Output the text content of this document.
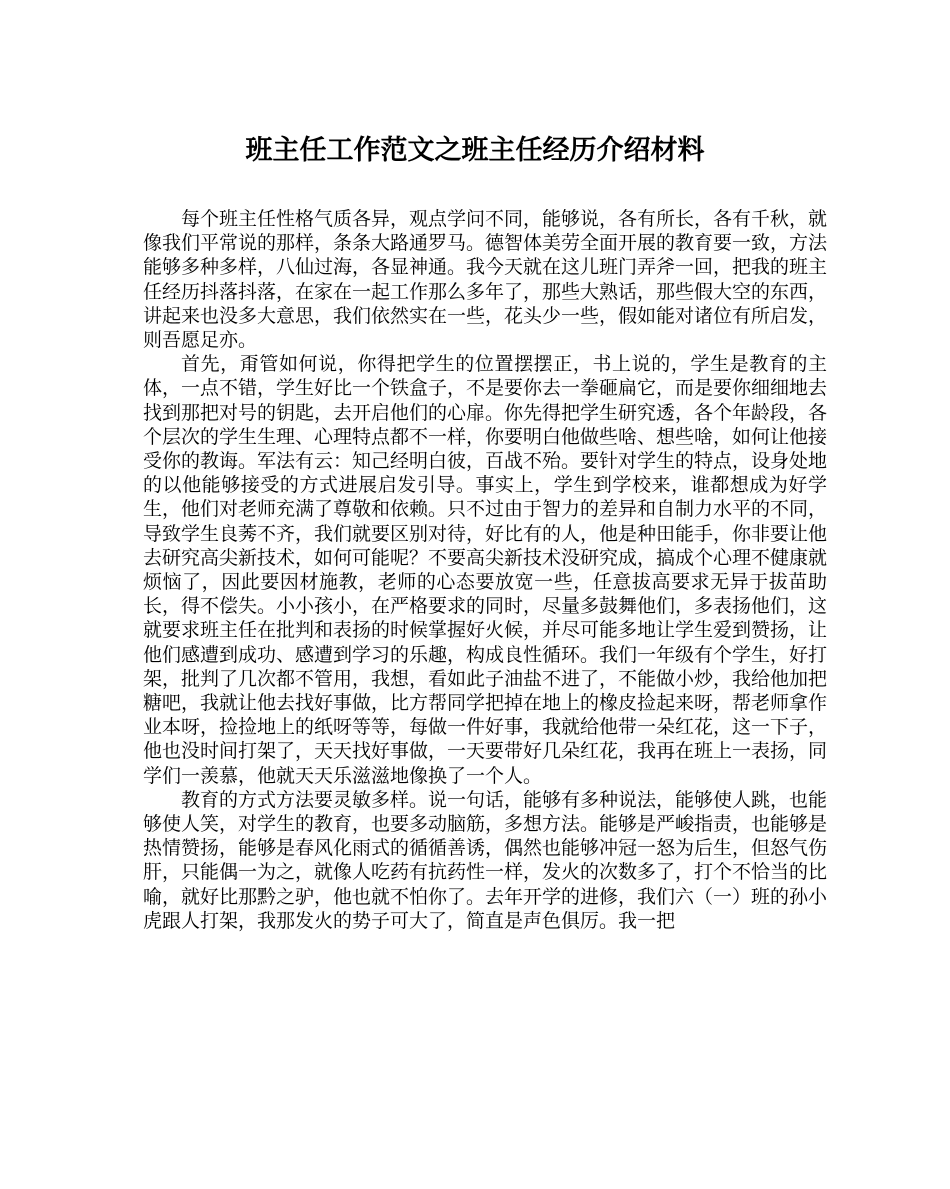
班主任工作范文之班主任经历介绍材料

每个班主任性格气质各异，观点学问不同，能够说，各有所长，各有千秋，就像我们平常说的那样，条条大路通罗马。德智体美劳全面开展的教育要一致，方法能够多种多样，八仙过海，各显神通。我今天就在这儿班门弄斧一回，把我的班主任经历抖落抖落，在家在一起工作那么多年了，那些大熟话，那些假大空的东西，讲起来也没多大意思，我们依然实在一些，花头少一些，假如能对诸位有所启发，则吾愿足亦。

首先，甭管如何说，你得把学生的位置摆摆正，书上说的，学生是教育的主体，一点不错，学生好比一个铁盒子，不是要你去一拳砸扁它，而是要你细细地去找到那把对号的钥匙，去开启他们的心扉。你先得把学生研究透，各个年龄段，各个层次的学生生理、心理特点都不一样，你要明白他做些啥、想些啥，如何让他接受你的教诲。军法有云：知己经明白彼，百战不殆。要针对学生的特点，设身处地的以他能够接受的方式进展启发引导。事实上，学生到学校来，谁都想成为好学生，他们对老师充满了尊敬和依赖。只不过由于智力的差异和自制力水平的不同，导致学生良莠不齐，我们就要区别对待，好比有的人，他是种田能手，你非要让他去研究高尖新技术，如何可能呢？不要高尖新技术没研究成，搞成个心理不健康就烦恼了，因此要因材施教，老师的心态要放宽一些，任意拔高要求无异于拔苗助长，得不偿失。小小孩小，在严格要求的同时，尽量多鼓舞他们，多表扬他们，这就要求班主任在批判和表扬的时候掌握好火候，并尽可能多地让学生爱到赞扬，让他们感遭到成功、感遭到学习的乐趣，构成良性循环。我们一年级有个学生，好打架，批判了几次都不管用，我想，看如此子油盐不进了，不能做小炒，我给他加把糖吧，我就让他去找好事做，比方帮同学把掉在地上的橡皮捡起来呀，帮老师拿作业本呀，捡捡地上的纸呀等等，每做一件好事，我就给他带一朵红花，这一下子，他也没时间打架了，天天找好事做，一天要带好几朵红花，我再在班上一表扬，同学们一羡慕，他就天天乐滋滋地像换了一个人。

教育的方式方法要灵敏多样。说一句话，能够有多种说法，能够使人跳，也能够使人笑，对学生的教育，也要多动脑筋，多想方法。能够是严峻指责，也能够是热情赞扬，能够是春风化雨式的循循善诱，偶然也能够冲冠一怒为后生，但怒气伤肝，只能偶一为之，就像人吃药有抗药性一样，发火的次数多了，打个不恰当的比喻，就好比那黔之驴，他也就不怕你了。去年开学的进修，我们六（一）班的孙小虎跟人打架，我那发火的势子可大了，简直是声色俱厉。我一把
